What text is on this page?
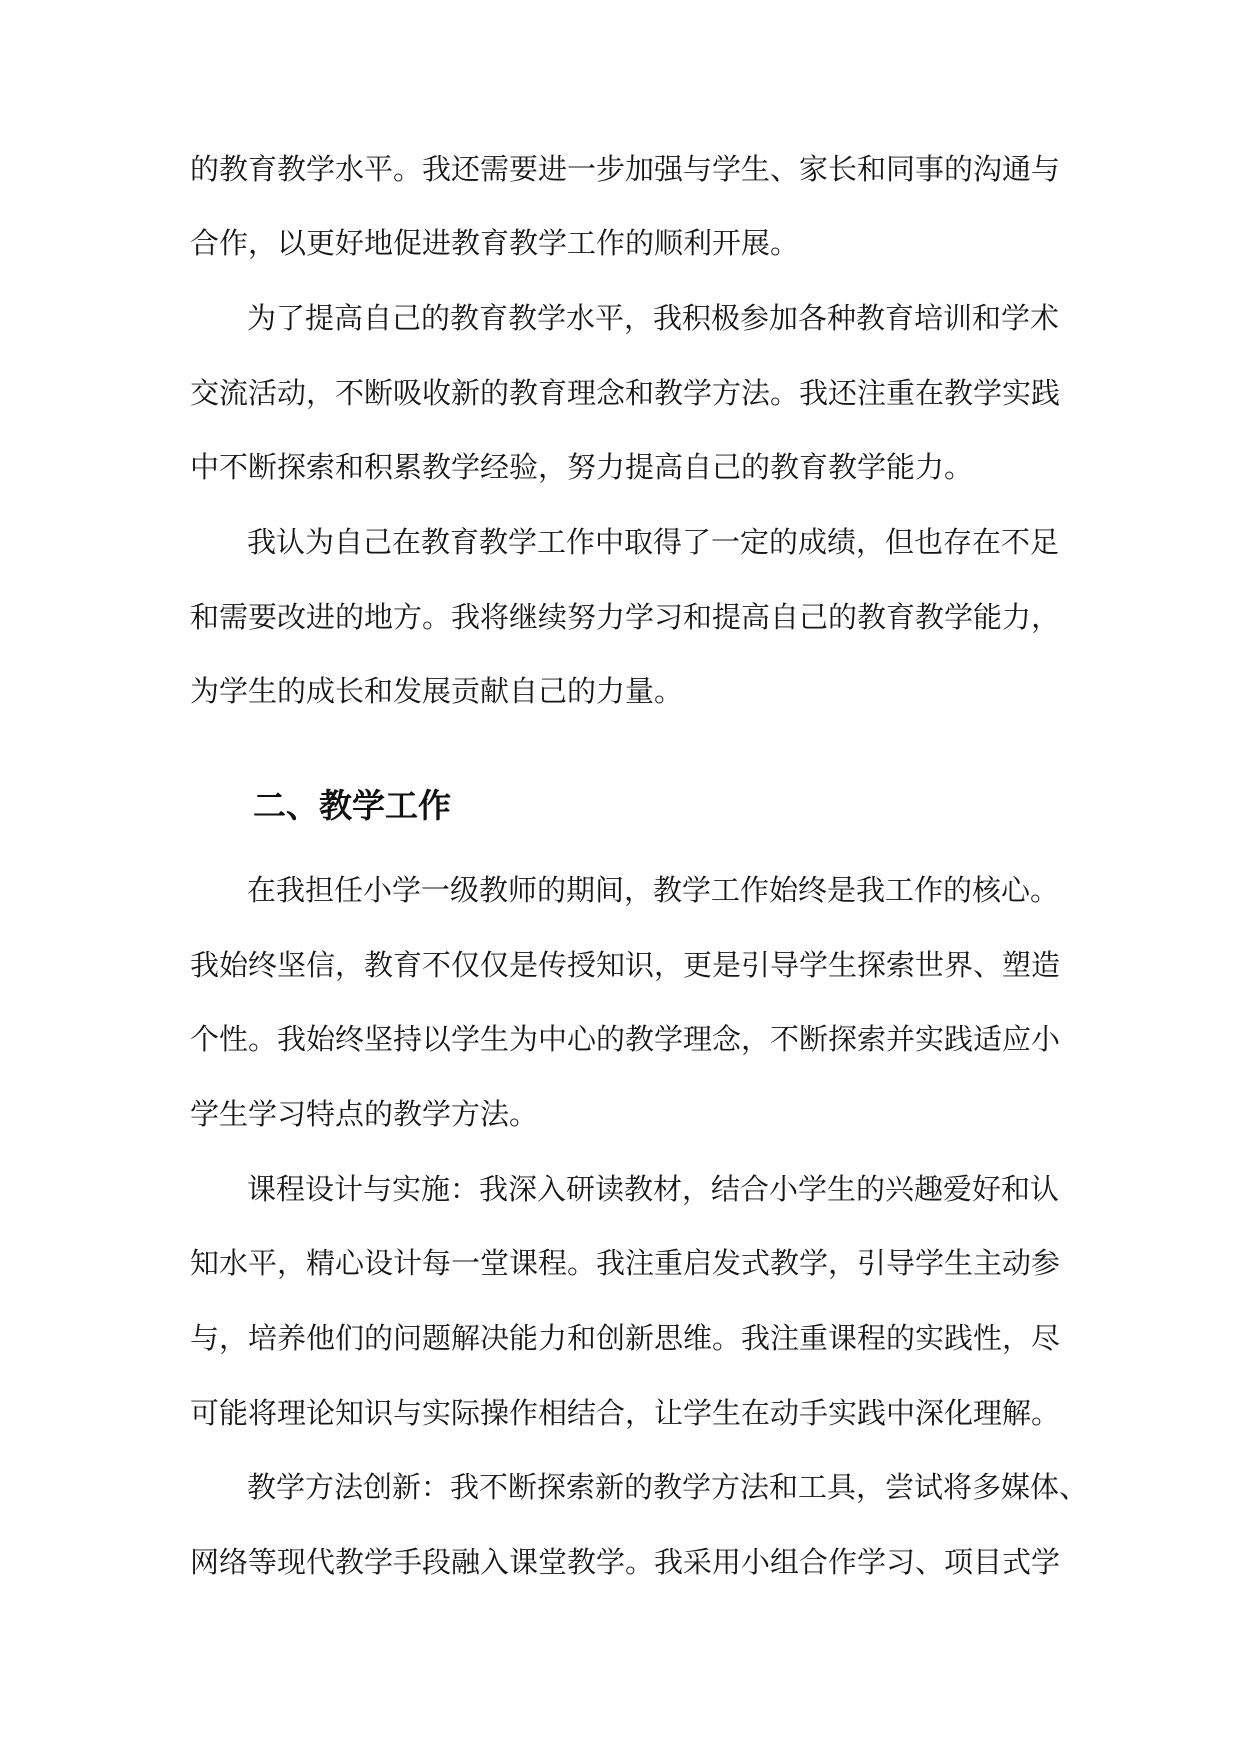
的教育教学水平。我还需要进一步加强与学生、家长和同事的沟通与
合作，以更好地促进教育教学工作的顺利开展。
为了提高自己的教育教学水平，我积极参加各种教育培训和学术
交流活动，不断吸收新的教育理念和教学方法。我还注重在教学实践
中不断探索和积累教学经验，努力提高自己的教育教学能力。
我认为自己在教育教学工作中取得了一定的成绩，但也存在不足
和需要改进的地方。我将继续努力学习和提高自己的教育教学能力，
为学生的成长和发展贡献自己的力量。
二、教学工作
在我担任小学一级教师的期间，教学工作始终是我工作的核心。
我始终坚信，教育不仅仅是传授知识，更是引导学生探索世界、塑造
个性。我始终坚持以学生为中心的教学理念，不断探索并实践适应小
学生学习特点的教学方法。
课程设计与实施：我深入研读教材，结合小学生的兴趣爱好和认
知水平，精心设计每一堂课程。我注重启发式教学，引导学生主动参
与，培养他们的问题解决能力和创新思维。我注重课程的实践性，尽
可能将理论知识与实际操作相结合，让学生在动手实践中深化理解。
教学方法创新：我不断探索新的教学方法和工具，尝试将多媒体、
网络等现代教学手段融入课堂教学。我采用小组合作学习、项目式学
